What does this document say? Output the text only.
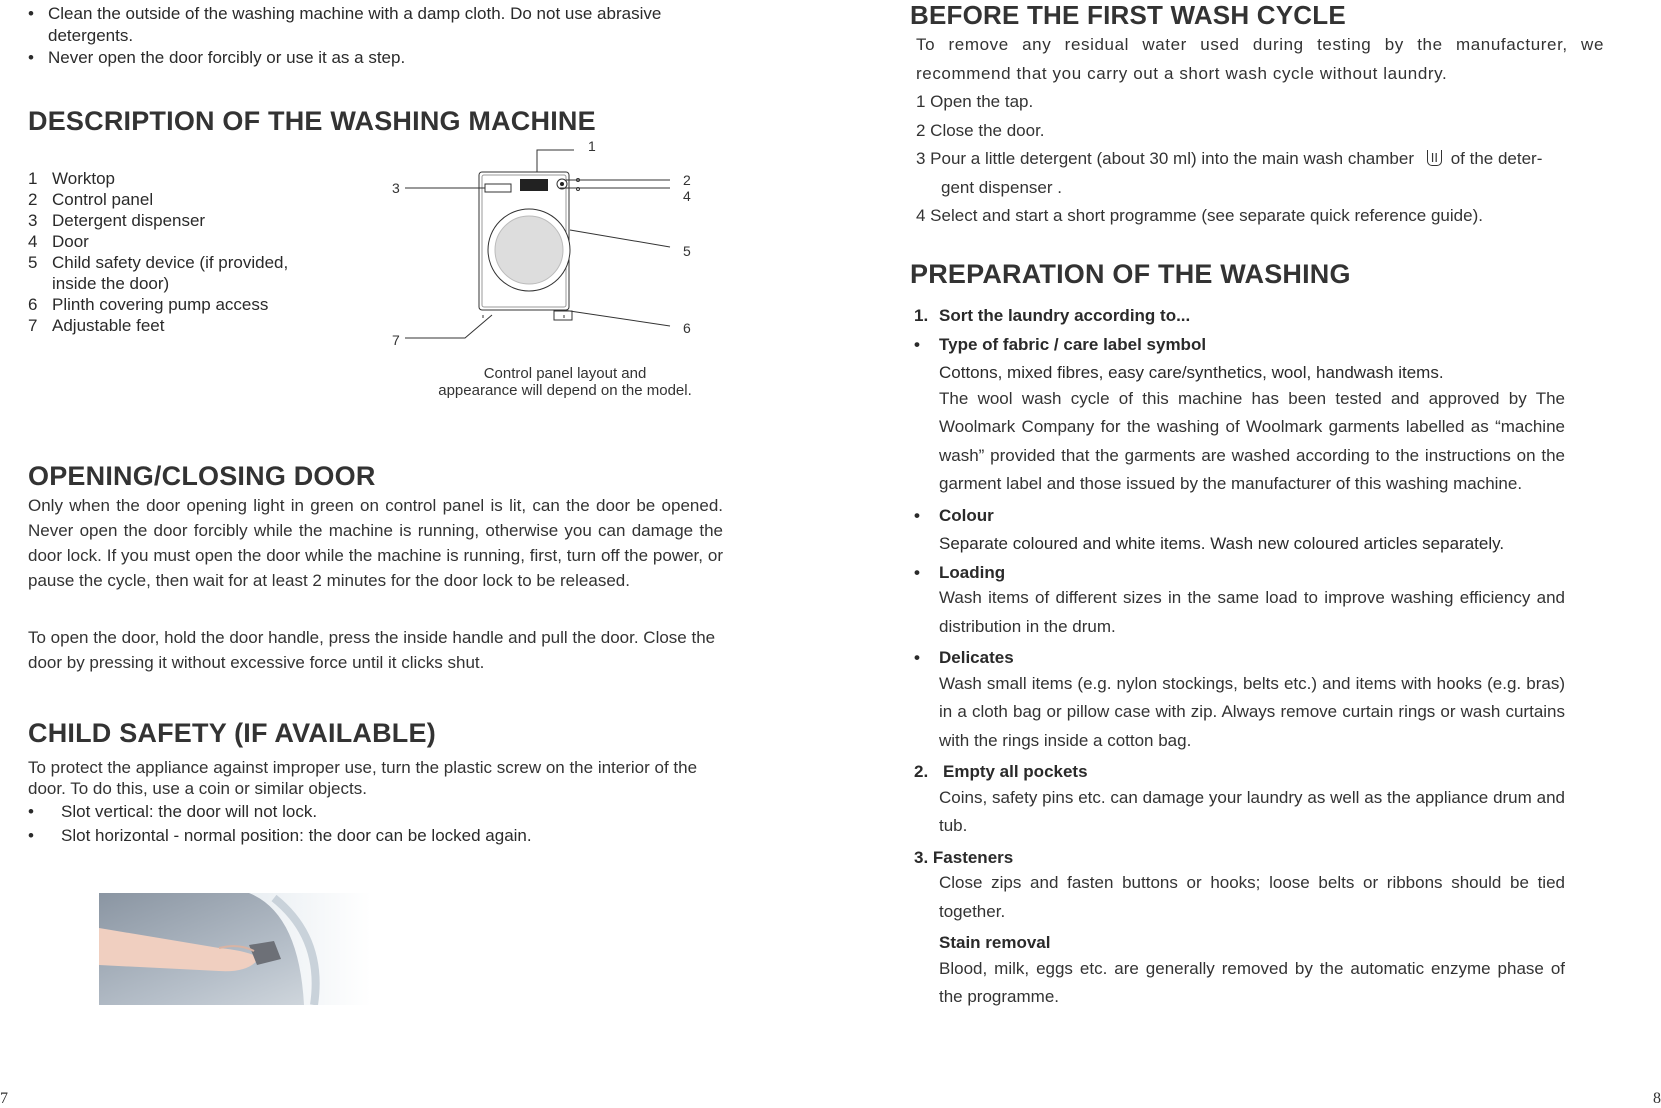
• Clean the outside of the washing machine with a damp cloth. Do not use abrasive detergents.
• Never open the door forcibly or use it as a step.
DESCRIPTION OF THE WASHING MACHINE
1 Worktop
2 Control panel
3 Detergent dispenser
4 Door
5 Child safety device (if provided,
inside the door)
6 Plinth covering pump access
7 Adjustable feet
1
2
3	4
5
6
7
Control panel layout and
appearance will depend on the model.
OPENING/CLOSING DOOR
Only when the door opening light in green on control panel is lit, can the door be opened. Never open the door forcibly while the machine is running, otherwise you can damage the door lock. If you must open the door while the machine is running, first, turn off the power, or pause the cycle, then wait for at least 2 minutes for the door lock to be released.
To open the door, hold the door handle, press the inside handle and pull the door. Close the door by pressing it without excessive force until it clicks shut.
CHILD SAFETY (IF AVAILABLE)
To protect the appliance against improper use, turn the plastic screw on the interior of the door. To do this, use a coin or similar objects.
• Slot vertical: the door will not lock.
• Slot horizontal - normal position: the door can be locked again.
7
BEFORE THE FIRST WASH CYCLE
To remove any residual water used during testing by the manufacturer, we recommend that you carry out a short wash cycle without laundry.
1 Open the tap.
2 Close the door.
3 Pour a little detergent (about 30 ml) into the main wash chamber II of the deter-
gent dispenser .
4 Select and start a short programme (see separate quick reference guide).
PREPARATION OF THE WASHING
1. Sort the laundry according to...
• Type of fabric / care label symbol
Cottons, mixed fibres, easy care/synthetics, wool, handwash items.
The wool wash cycle of this machine has been tested and approved by The Woolmark Company for the washing of Woolmark garments labelled as “machine wash” provided that the garments are washed according to the instructions on the garment label and those issued by the manufacturer of this washing machine.
• Colour
Separate coloured and white items. Wash new coloured articles separately.
• Loading
Wash items of different sizes in the same load to improve washing efficiency and distribution in the drum.
• Delicates
Wash small items (e.g. nylon stockings, belts etc.) and items with hooks (e.g. bras) in a cloth bag or pillow case with zip. Always remove curtain rings or wash curtains with the rings inside a cotton bag.
2. Empty all pockets
Coins, safety pins etc. can damage your laundry as well as the appliance drum and tub.
3. Fasteners
Close zips and fasten buttons or hooks; loose belts or ribbons should be tied together.
Stain removal
Blood, milk, eggs etc. are generally removed by the automatic enzyme phase of the programme.
8
